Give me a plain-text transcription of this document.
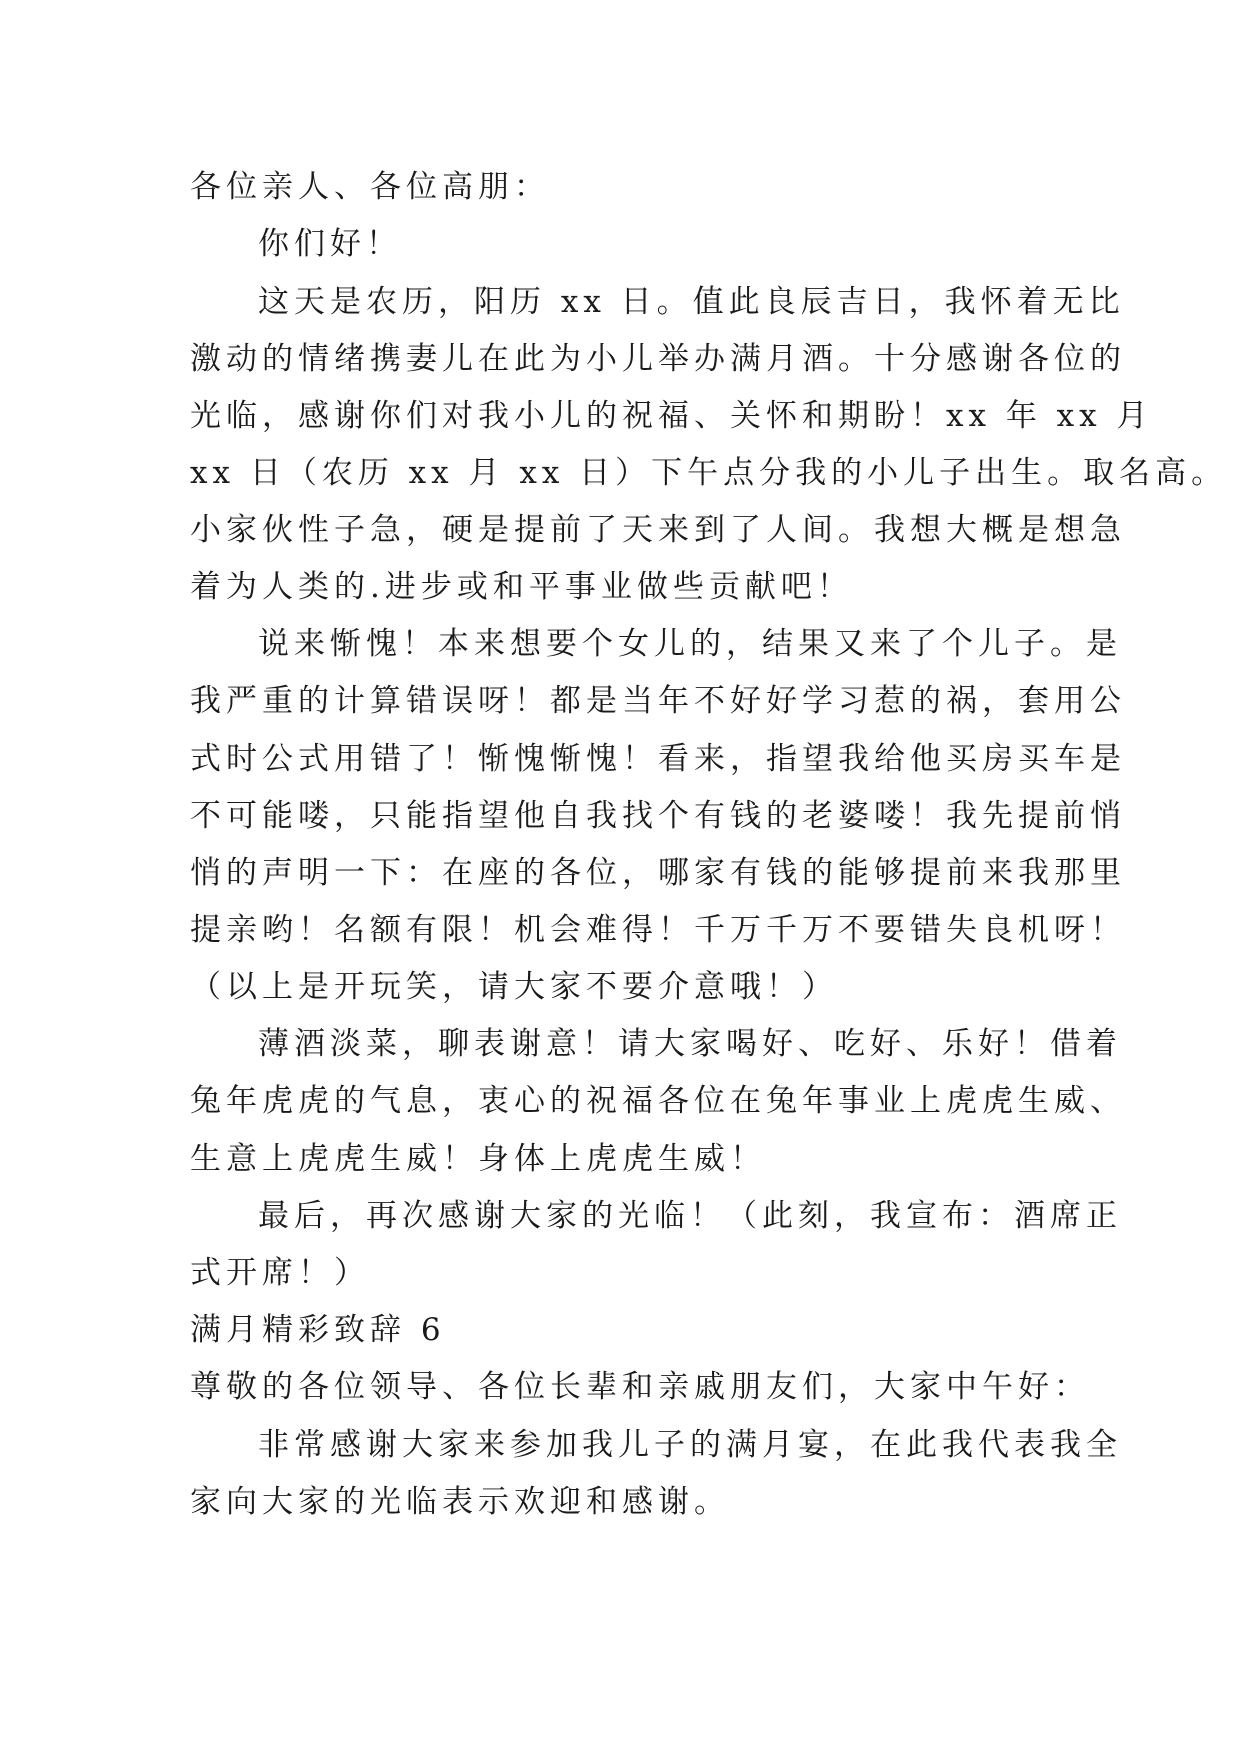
各位亲人、各位高朋：
你们好！
这天是农历，阳历 xx 日。值此良辰吉日，我怀着无比
激动的情绪携妻儿在此为小儿举办满月酒。十分感谢各位的
光临，感谢你们对我小儿的祝福、关怀和期盼！xx 年 xx 月
xx 日（农历 xx 月 xx 日）下午点分我的小儿子出生。取名高。
小家伙性子急，硬是提前了天来到了人间。我想大概是想急
着为人类的.进步或和平事业做些贡献吧！
说来惭愧！本来想要个女儿的，结果又来了个儿子。是
我严重的计算错误呀！都是当年不好好学习惹的祸，套用公
式时公式用错了！惭愧惭愧！看来，指望我给他买房买车是
不可能喽，只能指望他自我找个有钱的老婆喽！我先提前悄
悄的声明一下：在座的各位，哪家有钱的能够提前来我那里
提亲哟！名额有限！机会难得！千万千万不要错失良机呀！
（以上是开玩笑，请大家不要介意哦！）
薄酒淡菜，聊表谢意！请大家喝好、吃好、乐好！借着
兔年虎虎的气息，衷心的祝福各位在兔年事业上虎虎生威、
生意上虎虎生威！身体上虎虎生威！
最后，再次感谢大家的光临！（此刻，我宣布：酒席正
式开席！）
满月精彩致辞 6
尊敬的各位领导、各位长辈和亲戚朋友们，大家中午好：
非常感谢大家来参加我儿子的满月宴，在此我代表我全
家向大家的光临表示欢迎和感谢。
